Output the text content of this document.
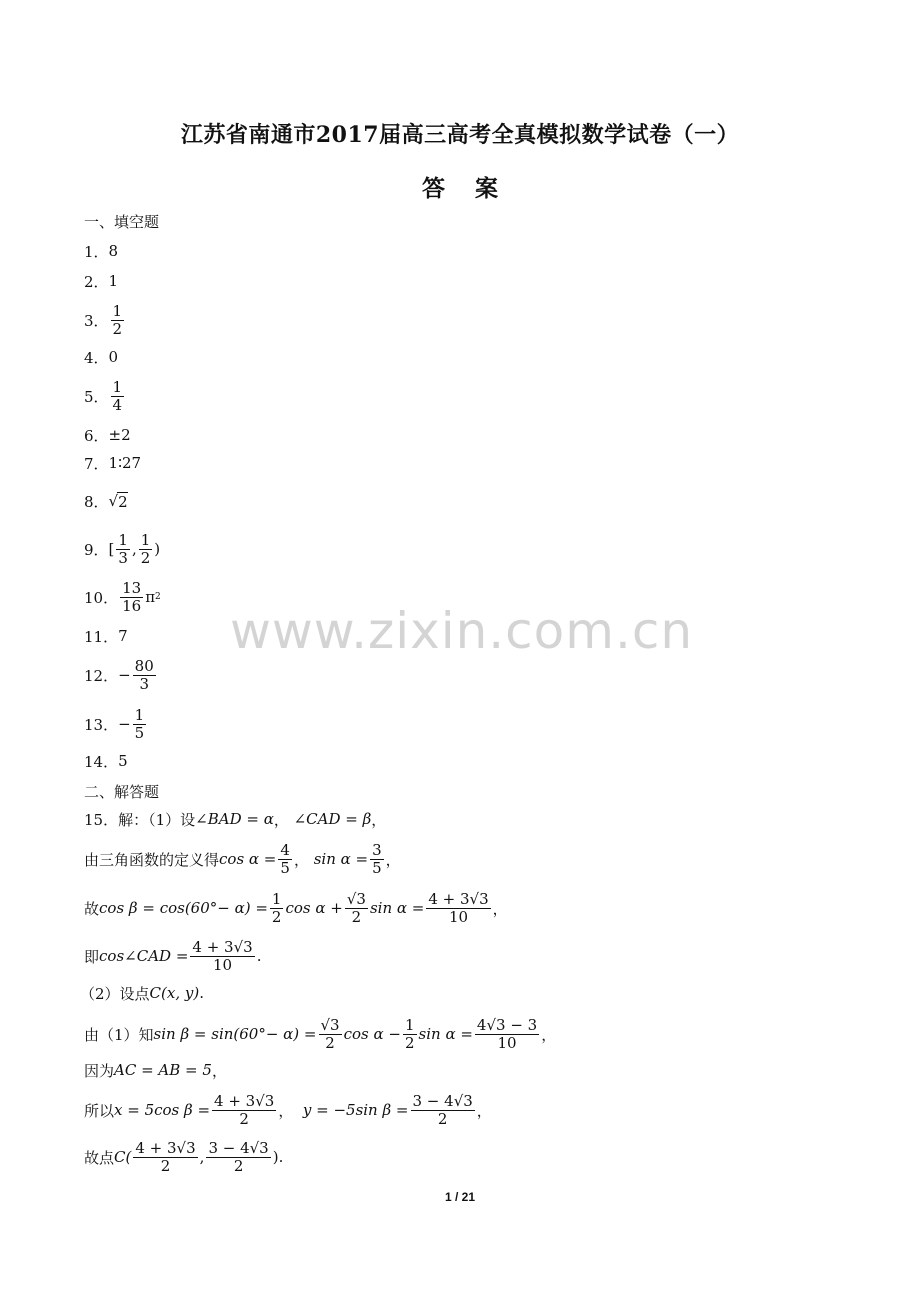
江苏省南通市2017届高三高考全真模拟数学试卷（一）
答案
一、填空题
1． 8
2． 1
3． $\frac{1}{2}$
4． 0
5． $\frac{1}{4}$
6． ±2
7． 1∶27
8． √ 2
9． [ $\frac{1}{3}$ , $\frac{1}{2}$ )
10． $\frac{13}{16}$ π 2
11． 7
12． − $\frac{80}{3}$
13． − $\frac{1}{5}$
14． 5
二、解答题
15．解：（1）设 ∠BAD = α ， ∠CAD = β ，
由三角函数的定义得 $\cos \alpha = \frac{4}{5}$ ， $\sin \alpha = \frac{3}{5}$ ，
故 $\cos \beta = \cos(60^\circ- \alpha) = \frac{1}{2}$ $\cos \alpha + \frac{√3}{2}$ $\sin \alpha = \frac{4 + 3√3}{10}$ ，
即 cos∠CAD = $\frac{4 + 3√3}{10}$ .
（2）设点 C(x, y) .
由（1）知 $\sin \beta = \sin(60^\circ- \alpha) = \frac{√3}{2}$ $\cos \alpha - \frac{1}{2}$ $\sin \alpha = \frac{4√3 - 3}{10}$ ，
因为 AC = AB = 5 ，
所以 x = 5cos $\beta = \frac{4 + 3√3}{2}$ ， y = −5sin $\beta = \frac{3 - 4√3}{2}$ ，
故点 $C( \frac{4 + 3√3}{2}$ , $\frac{3 - 4√3}{2}$ ).
www.zixin.com.cn
1 / 21
